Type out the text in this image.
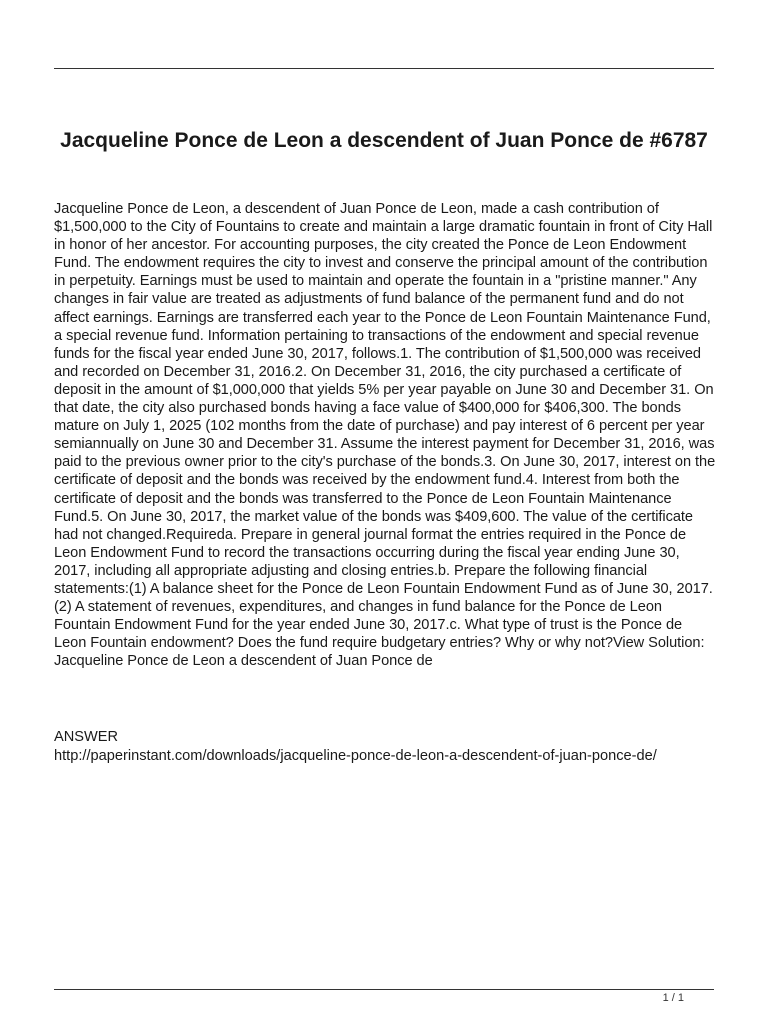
Jacqueline Ponce de Leon a descendent of Juan Ponce de #6787

Jacqueline Ponce de Leon, a descendent of Juan Ponce de Leon, made a cash contribution of $1,500,000 to the City of Fountains to create and maintain a large dramatic fountain in front of City Hall in honor of her ancestor. For accounting purposes, the city created the Ponce de Leon Endowment Fund. The endowment requires the city to invest and conserve the principal amount of the contribution in perpetuity. Earnings must be used to maintain and operate the fountain in a "pristine manner." Any changes in fair value are treated as adjustments of fund balance of the permanent fund and do not affect earnings. Earnings are transferred each year to the Ponce de Leon Fountain Maintenance Fund, a special revenue fund. Information pertaining to transactions of the endowment and special revenue funds for the fiscal year ended June 30, 2017, follows.1. The contribution of $1,500,000 was received and recorded on December 31, 2016.2. On December 31, 2016, the city purchased a certificate of deposit in the amount of $1,000,000 that yields 5% per year payable on June 30 and December 31. On that date, the city also purchased bonds having a face value of $400,000 for $406,300. The bonds mature on July 1, 2025 (102 months from the date of purchase) and pay interest of 6 percent per year semiannually on June 30 and December 31. Assume the interest payment for December 31, 2016, was paid to the previous owner prior to the city's purchase of the bonds.3. On June 30, 2017, interest on the certificate of deposit and the bonds was received by the endowment fund.4. Interest from both the certificate of deposit and the bonds was transferred to the Ponce de Leon Fountain Maintenance Fund.5. On June 30, 2017, the market value of the bonds was $409,600. The value of the certificate had not changed.Requireda. Prepare in general journal format the entries required in the Ponce de Leon Endowment Fund to record the transactions occurring during the fiscal year ending June 30, 2017, including all appropriate adjusting and closing entries.b. Prepare the following financial statements:(1) A balance sheet for the Ponce de Leon Fountain Endowment Fund as of June 30, 2017.(2) A statement of revenues, expenditures, and changes in fund balance for the Ponce de Leon Fountain Endowment Fund for the year ended June 30, 2017.c. What type of trust is the Ponce de Leon Fountain endowment? Does the fund require budgetary entries? Why or why not?View Solution: Jacqueline Ponce de Leon a descendent of Juan Ponce de

ANSWER

http://paperinstant.com/downloads/jacqueline-ponce-de-leon-a-descendent-of-juan-ponce-de/

1 / 1
